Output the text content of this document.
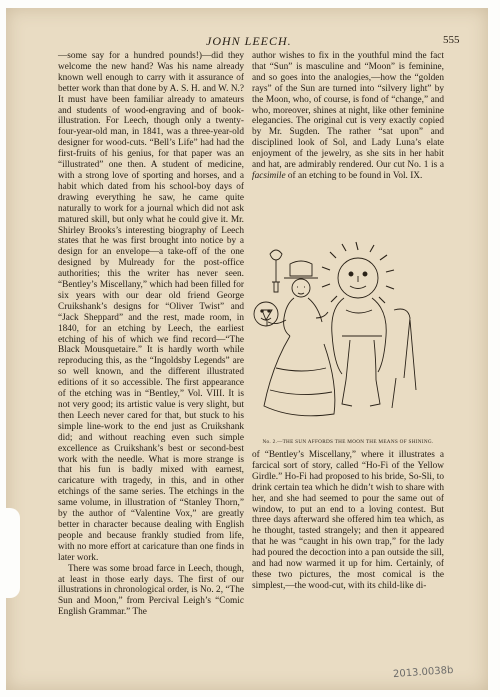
JOHN LEECH.	555

—some say for a hundred pounds!)—did they welcome the new hand? Was his name already known well enough to carry with it assurance of better work than that done by A. S. H. and W. N.? It must have been familiar already to amateurs and students of wood-engraving and of book-illustration. For Leech, though only a twenty-four-year-old man, in 1841, was a three-year-old designer for wood-cuts. “Bell’s Life” had had the first-fruits of his genius, for that paper was an “illustrated” one then. A student of medicine, with a strong love of sporting and horses, and a habit which dated from his school-boy days of drawing everything he saw, he came quite naturally to work for a journal which did not ask matured skill, but only what he could give it. Mr. Shirley Brooks’s interesting biography of Leech states that he was first brought into notice by a design for an envelope—a take-off of the one designed by Mulready for the post-office authorities; this the writer has never seen. “Bentley’s Miscellany,” which had been filled for six years with our dear old friend George Cruikshank’s designs for “Oliver Twist” and “Jack Sheppard” and the rest, made room, in 1840, for an etching by Leech, the earliest etching of his of which we find record—“The Black Mousquetaire.” It is hardly worth while reproducing this, as the “Ingoldsby Legends” are so well known, and the different illustrated editions of it so accessible. The first appearance of the etching was in “Bentley,” Vol. VIII. It is not very good; its artistic value is very slight, but then Leech never cared for that, but stuck to his simple line-work to the end just as Cruikshank did; and without reaching even such simple excellence as Cruikshank’s best or second-best work with the needle. What is more strange is that his fun is badly mixed with earnest, caricature with tragedy, in this, and in other etchings of the same series. The etchings in the same volume, in illustration of “Stanley Thorn,” by the author of “Valentine Vox,” are greatly better in character because dealing with English people and because frankly studied from life, with no more effort at caricature than one finds in later work.

There was some broad farce in Leech, though, at least in those early days. The first of our illustrations in chronological order, is No. 2, “The Sun and Moon,” from Percival Leigh’s “Comic English Grammar.” The

author wishes to fix in the youthful mind the fact that “Sun” is masculine and “Moon” is feminine, and so goes into the analogies,—how the “golden rays” of the Sun are turned into “silvery light” by the Moon, who, of course, is fond of “change,” and who, moreover, shines at night, like other feminine elegancies. The original cut is very exactly copied by Mr. Sugden. The rather “sat upon” and disciplined look of Sol, and Lady Luna’s elate enjoyment of the jewelry, as she sits in her habit and hat, are admirably rendered. Our cut No. 1 is a facsimile of an etching to be found in Vol. IX.

No. 2.—THE SUN AFFORDS THE MOON THE MEANS OF SHINING.

of “Bentley’s Miscellany,” where it illustrates a farcical sort of story, called “Ho-Fi of the Yellow Girdle.” Ho-Fi had proposed to his bride, So-Sli, to drink certain tea which he didn’t wish to share with her, and she had seemed to pour the same out of window, to put an end to a loving contest. But three days afterward she offered him tea which, as he thought, tasted strangely; and then it appeared that he was “caught in his own trap,” for the lady had poured the decoction into a pan outside the sill, and had now warmed it up for him. Certainly, of these two pictures, the most comical is the simplest,—the wood-cut, with its child-like di-

2013.0038b
